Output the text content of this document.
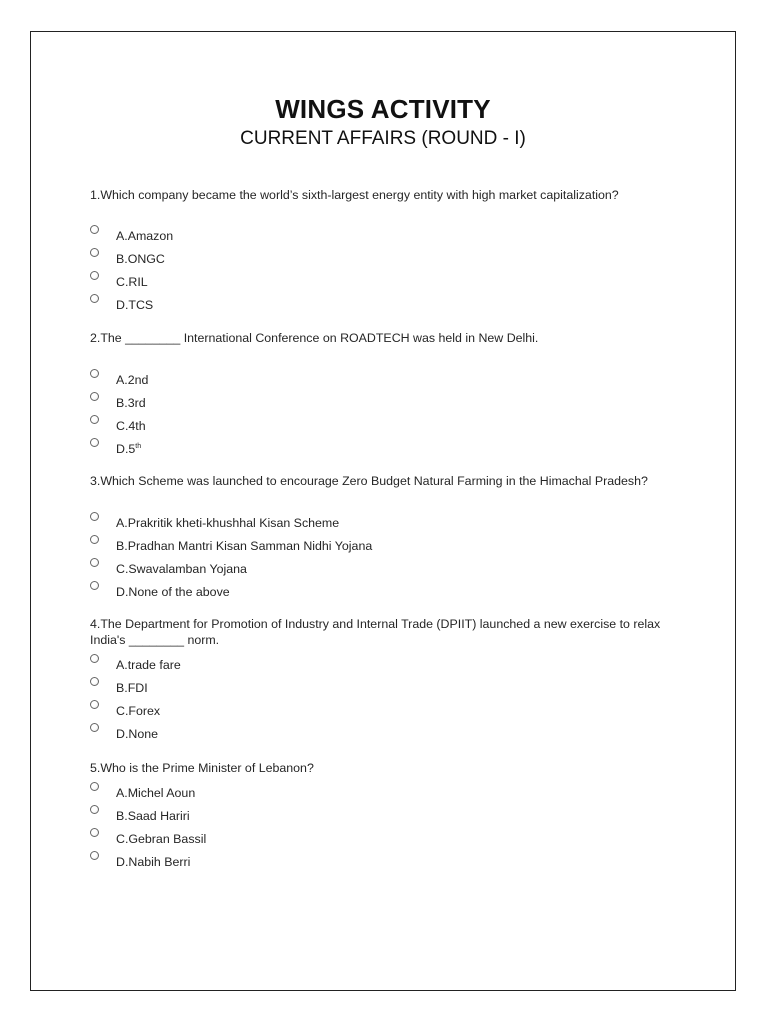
WINGS ACTIVITY
CURRENT AFFAIRS (ROUND - I)
1.Which company became the world’s sixth-largest energy entity with high market capitalization?
A.Amazon
B.ONGC
C.RIL
D.TCS
2.The ________ International Conference on ROADTECH was held in New Delhi.
A.2nd
B.3rd
C.4th
D.5th
3.Which Scheme was launched to encourage Zero Budget Natural Farming in the Himachal Pradesh?
A.Prakritik kheti-khushhal Kisan Scheme
B.Pradhan Mantri Kisan Samman Nidhi Yojana
C.Swavalamban Yojana
D.None of the above
4.The Department for Promotion of Industry and Internal Trade (DPIIT) launched a new exercise to relax India's ________ norm.
A.trade fare
B.FDI
C.Forex
D.None
5.Who is the Prime Minister of Lebanon?
A.Michel Aoun
B.Saad Hariri
C.Gebran Bassil
D.Nabih Berri
